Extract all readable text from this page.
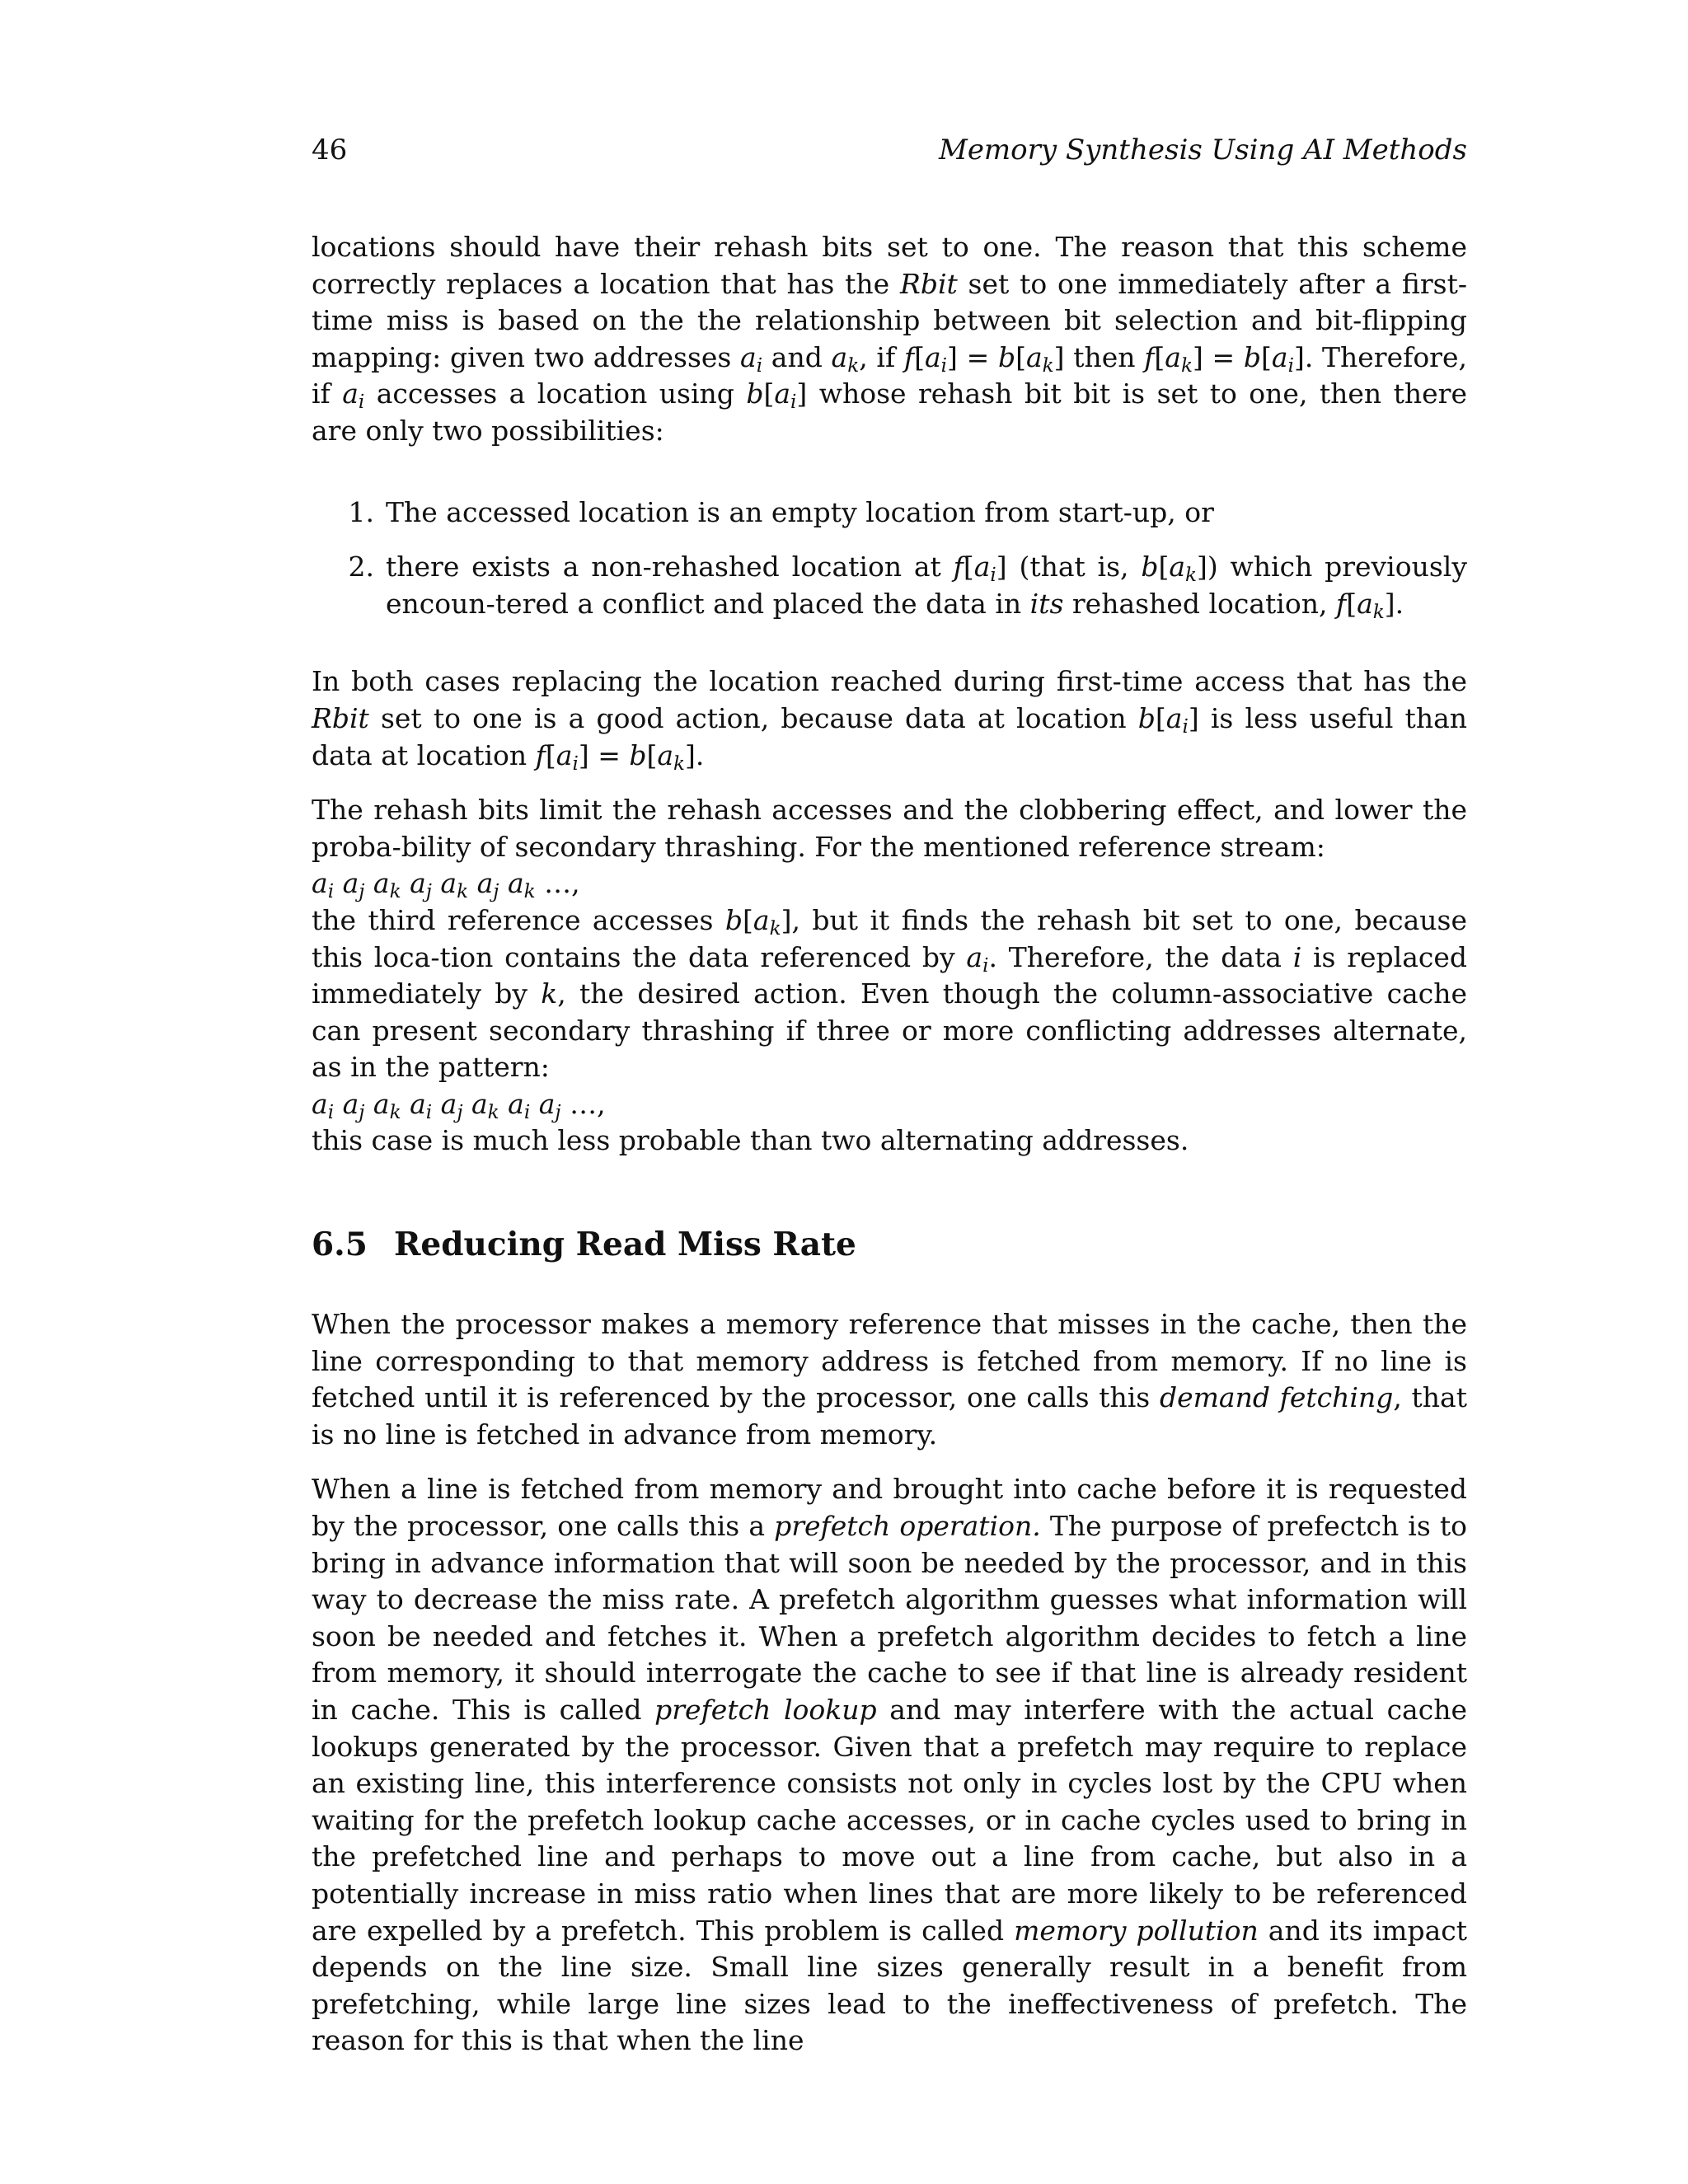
46	Memory Synthesis Using AI Methods

locations should have their rehash bits set to one. The reason that this scheme correctly replaces a location that has the Rbit set to one immediately after a first-time miss is based on the the relationship between bit selection and bit-flipping mapping: given two addresses $a_i$ and $a_k$, if $f[a_i] = b[a_k]$ then $f[a_k] = b[a_i]$. Therefore, if $a_i$ accesses a location using $b[a_i]$ whose rehash bit bit is set to one, then there are only two possibilities:

1. The accessed location is an empty location from start-up, or
2. there exists a non-rehashed location at $f[a_i]$ (that is, $b[a_k]$) which previously encoun-tered a conflict and placed the data in its rehashed location, $f[a_k]$.

In both cases replacing the location reached during first-time access that has the Rbit set to one is a good action, because data at location $b[a_i]$ is less useful than data at location $f[a_i] = b[a_k]$.

The rehash bits limit the rehash accesses and the clobbering effect, and lower the proba-bility of secondary thrashing. For the mentioned reference stream:
$a_i$ $a_j$ $a_k$ $a_j$ $a_k$ $a_j$ $a_k$ …,
the third reference accesses $b[a_k]$, but it finds the rehash bit set to one, because this loca-tion contains the data referenced by $a_i$. Therefore, the data i is replaced immediately by k, the desired action. Even though the column-associative cache can present secondary thrashing if three or more conflicting addresses alternate, as in the pattern:
$a_i$ $a_j$ $a_k$ $a_i$ $a_j$ $a_k$ $a_i$ $a_j$ …,
this case is much less probable than two alternating addresses.
6.5 Reducing Read Miss Rate

When the processor makes a memory reference that misses in the cache, then the line corresponding to that memory address is fetched from memory. If no line is fetched until it is referenced by the processor, one calls this demand fetching, that is no line is fetched in advance from memory.

When a line is fetched from memory and brought into cache before it is requested by the processor, one calls this a prefetch operation. The purpose of prefectch is to bring in advance information that will soon be needed by the processor, and in this way to decrease the miss rate. A prefetch algorithm guesses what information will soon be needed and fetches it. When a prefetch algorithm decides to fetch a line from memory, it should interrogate the cache to see if that line is already resident in cache. This is called prefetch lookup and may interfere with the actual cache lookups generated by the processor. Given that a prefetch may require to replace an existing line, this interference consists not only in cycles lost by the CPU when waiting for the prefetch lookup cache accesses, or in cache cycles used to bring in the prefetched line and perhaps to move out a line from cache, but also in a potentially increase in miss ratio when lines that are more likely to be referenced are expelled by a prefetch. This problem is called memory pollution and its impact depends on the line size. Small line sizes generally result in a benefit from prefetching, while large line sizes lead to the ineffectiveness of prefetch. The reason for this is that when the line
